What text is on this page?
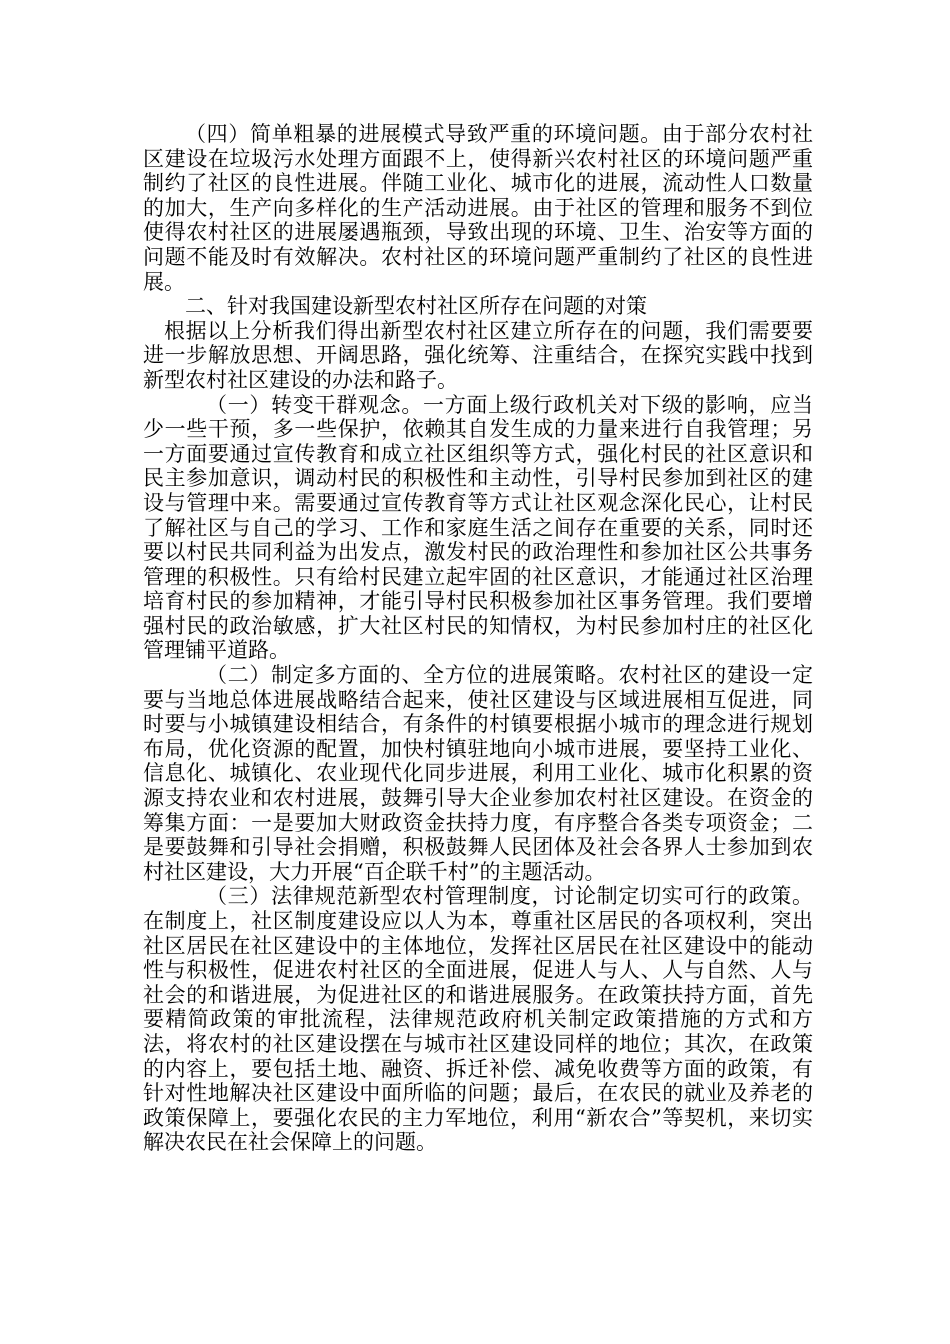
（四）简单粗暴的进展模式导致严重的环境问题。由于部分农村社区建设在垃圾污水处理方面跟不上，使得新兴农村社区的环境问题严重制约了社区的良性进展。伴随工业化、城市化的进展，流动性人口数量的加大，生产向多样化的生产活动进展。由于社区的管理和服务不到位使得农村社区的进展屡遇瓶颈，导致出现的环境、卫生、治安等方面的问题不能及时有效解决。农村社区的环境问题严重制约了社区的良性进展。

二、针对我国建设新型农村社区所存在问题的对策

根据以上分析我们得出新型农村社区建立所存在的问题，我们需要要进一步解放思想、开阔思路，强化统筹、注重结合，在探究实践中找到新型农村社区建设的办法和路子。

（一）转变干群观念。一方面上级行政机关对下级的影响，应当少一些干预，多一些保护，依赖其自发生成的力量来进行自我管理；另一方面要通过宣传教育和成立社区组织等方式，强化村民的社区意识和民主参加意识，调动村民的积极性和主动性，引导村民参加到社区的建设与管理中来。需要通过宣传教育等方式让社区观念深化民心，让村民了解社区与自己的学习、工作和家庭生活之间存在重要的关系，同时还要以村民共同利益为出发点，激发村民的政治理性和参加社区公共事务管理的积极性。只有给村民建立起牢固的社区意识，才能通过社区治理培育村民的参加精神，才能引导村民积极参加社区事务管理。我们要增强村民的政治敏感，扩大社区村民的知情权，为村民参加村庄的社区化管理铺平道路。

（二）制定多方面的、全方位的进展策略。农村社区的建设一定要与当地总体进展战略结合起来，使社区建设与区域进展相互促进，同时要与小城镇建设相结合，有条件的村镇要根据小城市的理念进行规划布局，优化资源的配置，加快村镇驻地向小城市进展，要坚持工业化、信息化、城镇化、农业现代化同步进展，利用工业化、城市化积累的资源支持农业和农村进展，鼓舞引导大企业参加农村社区建设。在资金的筹集方面：一是要加大财政资金扶持力度，有序整合各类专项资金；二是要鼓舞和引导社会捐赠，积极鼓舞人民团体及社会各界人士参加到农村社区建设，大力开展“百企联千村”的主题活动。

（三）法律规范新型农村管理制度，讨论制定切实可行的政策。在制度上，社区制度建设应以人为本，尊重社区居民的各项权利，突出社区居民在社区建设中的主体地位，发挥社区居民在社区建设中的能动性与积极性，促进农村社区的全面进展，促进人与人、人与自然、人与社会的和谐进展，为促进社区的和谐进展服务。在政策扶持方面，首先要精简政策的审批流程，法律规范政府机关制定政策措施的方式和方法，将农村的社区建设摆在与城市社区建设同样的地位；其次，在政策的内容上，要包括土地、融资、拆迁补偿、减免收费等方面的政策，有针对性地解决社区建设中面所临的问题；最后，在农民的就业及养老的政策保障上，要强化农民的主力军地位，利用“新农合”等契机，来切实解决农民在社会保障上的问题。
